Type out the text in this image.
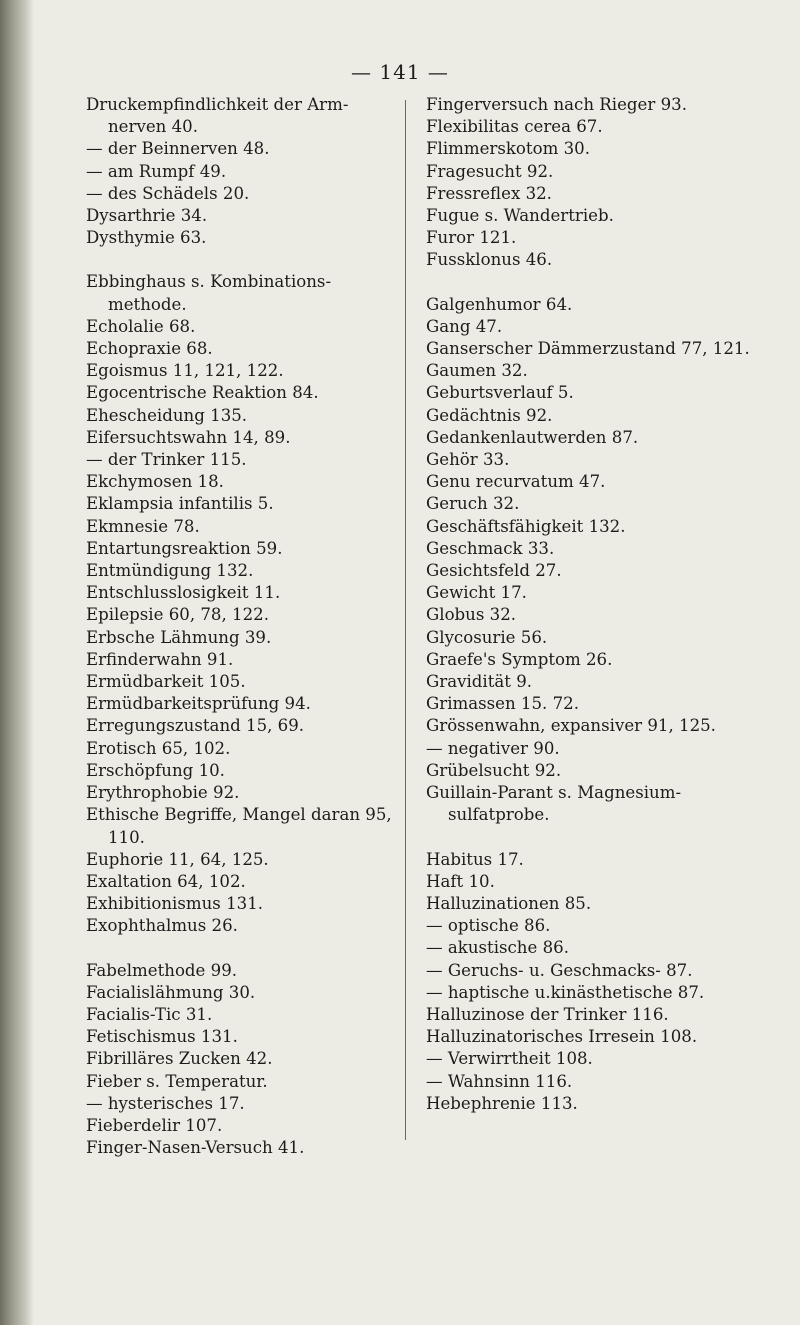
— 141 —
Druckempfindlichkeit der Arm-nerven 40.
— der Beinnerven 48.
— am Rumpf 49.
— des Schädels 20.
Dysarthrie 34.
Dysthymie 63.
Ebbinghaus s. Kombinations-methode.
Echolalie 68.
Echopraxie 68.
Egoismus 11, 121, 122.
Egocentrische Reaktion 84.
Ehescheidung 135.
Eifersuchtswahn 14, 89.
— der Trinker 115.
Ekchymosen 18.
Eklampsia infantilis 5.
Ekmnesie 78.
Entartungsreaktion 59.
Entmündigung 132.
Entschlusslosigkeit 11.
Epilepsie 60, 78, 122.
Erbsche Lähmung 39.
Erfinderwahn 91.
Ermüdbarkeit 105.
Ermüdbarkeitsprüfung 94.
Erregungszustand 15, 69.
Erotisch 65, 102.
Erschöpfung 10.
Erythrophobie 92.
Ethische Begriffe, Mangel daran 95, 110.
Euphorie 11, 64, 125.
Exaltation 64, 102.
Exhibitionismus 131.
Exophthalmus 26.
Fabelmethode 99.
Facialislähmung 30.
Facialis-Tic 31.
Fetischismus 131.
Fibrilläres Zucken 42.
Fieber s. Temperatur.
— hysterisches 17.
Fieberdelir 107.
Finger-Nasen-Versuch 41.
Fingerversuch nach Rieger 93.
Flexibilitas cerea 67.
Flimmerskotom 30.
Fragesucht 92.
Fressreflex 32.
Fugue s. Wandertrieb.
Furor 121.
Fussklonus 46.
Galgenhumor 64.
Gang 47.
Ganserscher Dämmerzustand 77, 121.
Gaumen 32.
Geburtsverlauf 5.
Gedächtnis 92.
Gedankenlautwerden 87.
Gehör 33.
Genu recurvatum 47.
Geruch 32.
Geschäftsfähigkeit 132.
Geschmack 33.
Gesichtsfeld 27.
Gewicht 17.
Globus 32.
Glycosurie 56.
Graefe's Symptom 26.
Gravidität 9.
Grimassen 15. 72.
Grössenwahn, expansiver 91, 125.
— negativer 90.
Grübelsucht 92.
Guillain-Parant s. Magnesium-sulfatprobe.
Habitus 17.
Haft 10.
Halluzinationen 85.
— optische 86.
— akustische 86.
— Geruchs- u. Geschmacks- 87.
— haptische u.kinästhetische 87.
Halluzinose der Trinker 116.
Halluzinatorisches Irresein 108.
— Verwirrtheit 108.
— Wahnsinn 116.
Hebephrenie 113.
